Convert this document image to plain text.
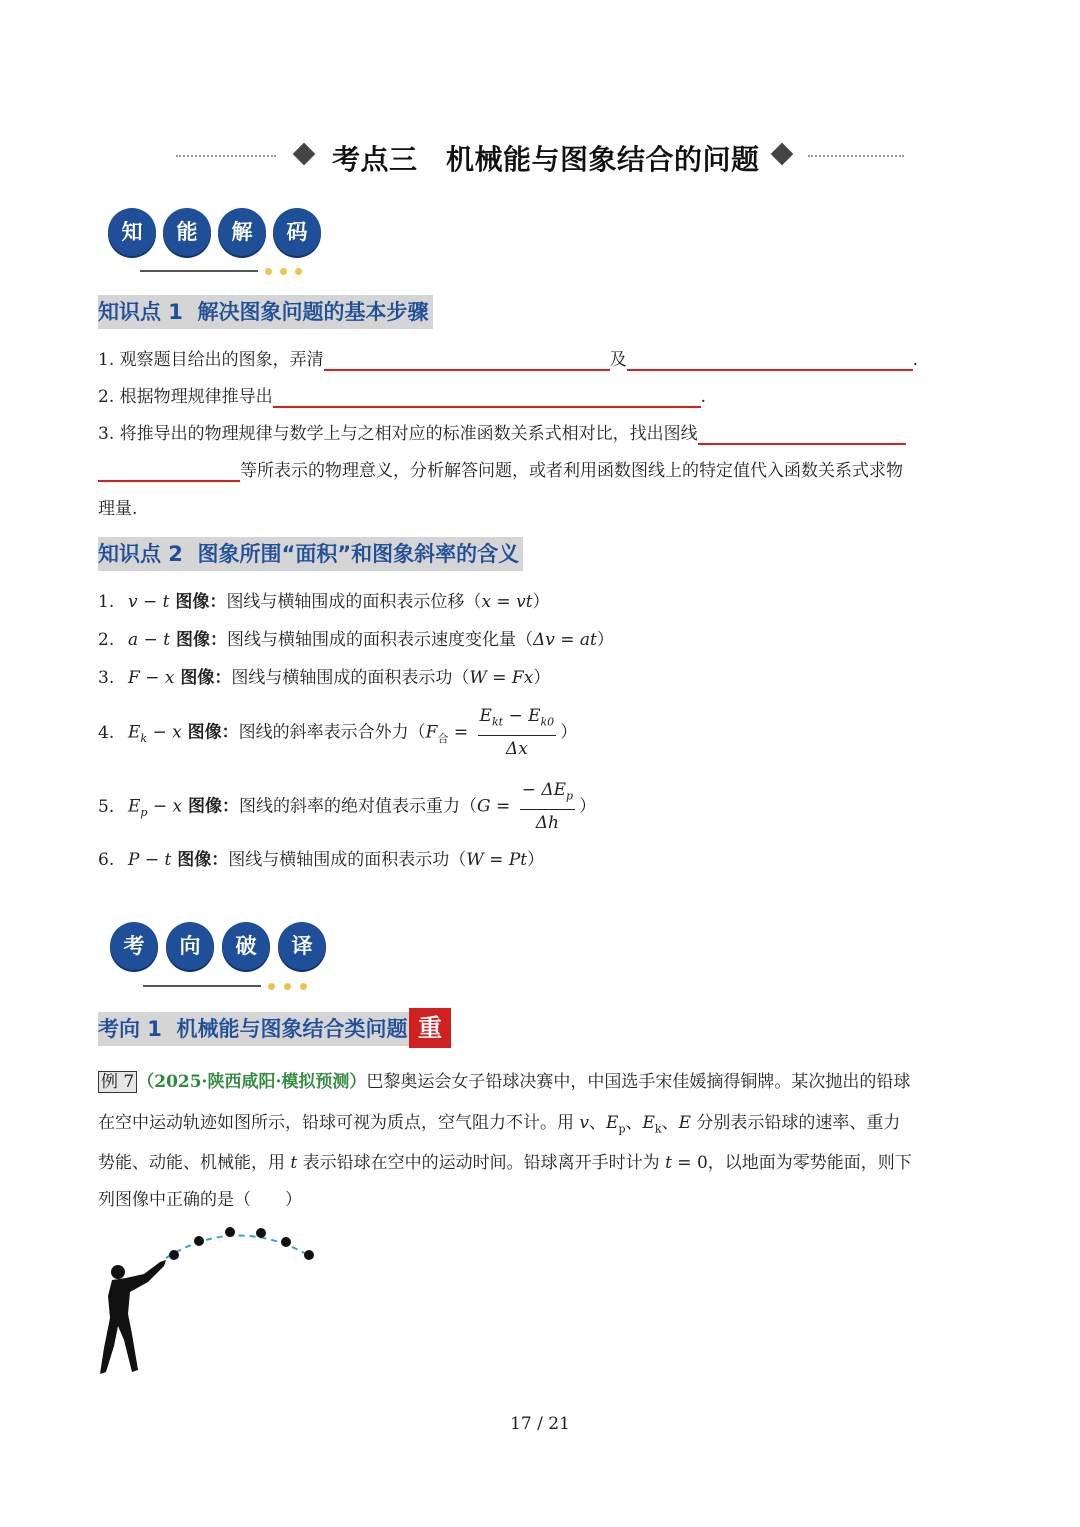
考点三　机械能与图象结合的问题
知	能	解	码
知识点 1  解决图象问题的基本步骤
1. 观察题目给出的图象，弄清	及	.
2. 根据物理规律推导出	.
3. 将推导出的物理规律与数学上与之相对应的标准函数关系式相对比，找出图线
等所表示的物理意义，分析解答问题，或者利用函数图线上的特定值代入函数关系式求物
理量.
知识点 2  图象所围“面积”和图象斜率的含义
1. v − t 图像：图线与横轴围成的面积表示位移（x = vt）
2. a − t 图像：图线与横轴围成的面积表示速度变化量（Δv = at）
3. F − x 图像：图线与横轴围成的面积表示功（W = Fx）
4. $E_k - x$ 图像：图线的斜率表示合外力（$F_合 = \frac{E_{kt} - E_{k0}}{\Delta x}$ ）
5. $E_p - x$ 图像：图线的斜率的绝对值表示重力（$G = \frac{- \Delta E_p}{\Delta h}$ ）
6. P − t 图像：图线与横轴围成的面积表示功（W = Pt）
考	向	破	译
考向 1  机械能与图象结合类问题 重
例 7 （2025·陕西咸阳·模拟预测）巴黎奥运会女子铅球决赛中，中国选手宋佳媛摘得铜牌。某次抛出的铅球
在空中运动轨迹如图所示，铅球可视为质点，空气阻力不计。用 v、$E_p$、$E_k$、E 分别表示铅球的速率、重力
势能、动能、机械能，用 t 表示铅球在空中的运动时间。铅球离开手时计为 t = 0，以地面为零势能面，则下
列图像中正确的是（　　）
17 / 21
